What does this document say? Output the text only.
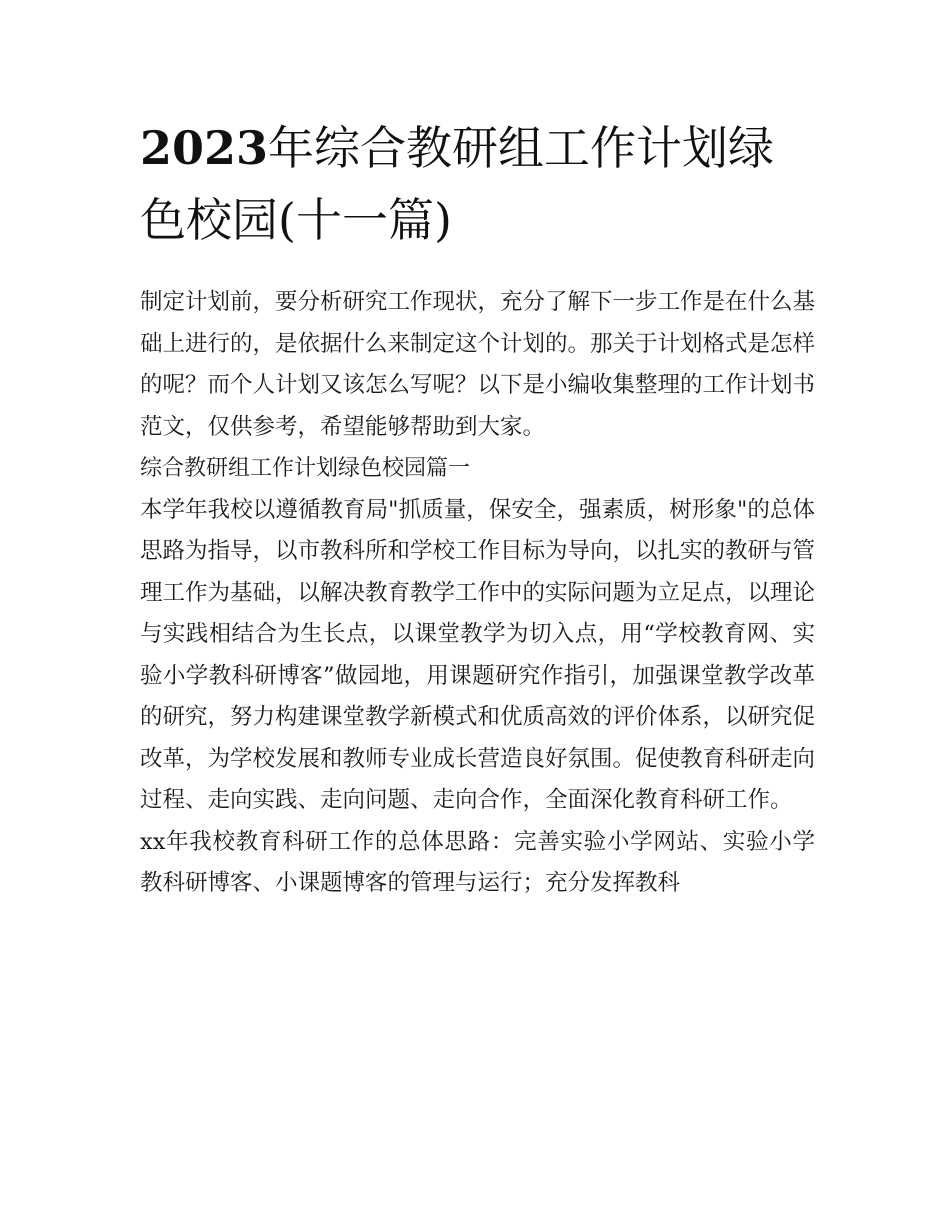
2023年综合教研组工作计划绿色校园(十一篇)

制定计划前，要分析研究工作现状，充分了解下一步工作是在什么基础上进行的，是依据什么来制定这个计划的。那关于计划格式是怎样的呢？而个人计划又该怎么写呢？以下是小编收集整理的工作计划书范文，仅供参考，希望能够帮助到大家。

综合教研组工作计划绿色校园篇一

本学年我校以遵循教育局"抓质量，保安全，强素质，树形象"的总体思路为指导，以市教科所和学校工作目标为导向，以扎实的教研与管理工作为基础，以解决教育教学工作中的实际问题为立足点，以理论与实践相结合为生长点，以课堂教学为切入点，用“学校教育网、实验小学教科研博客”做园地，用课题研究作指引，加强课堂教学改革的研究，努力构建课堂教学新模式和优质高效的评价体系，以研究促改革，为学校发展和教师专业成长营造良好氛围。促使教育科研走向过程、走向实践、走向问题、走向合作，全面深化教育科研工作。

xx年我校教育科研工作的总体思路：完善实验小学网站、实验小学教科研博客、小课题博客的管理与运行；充分发挥教科
